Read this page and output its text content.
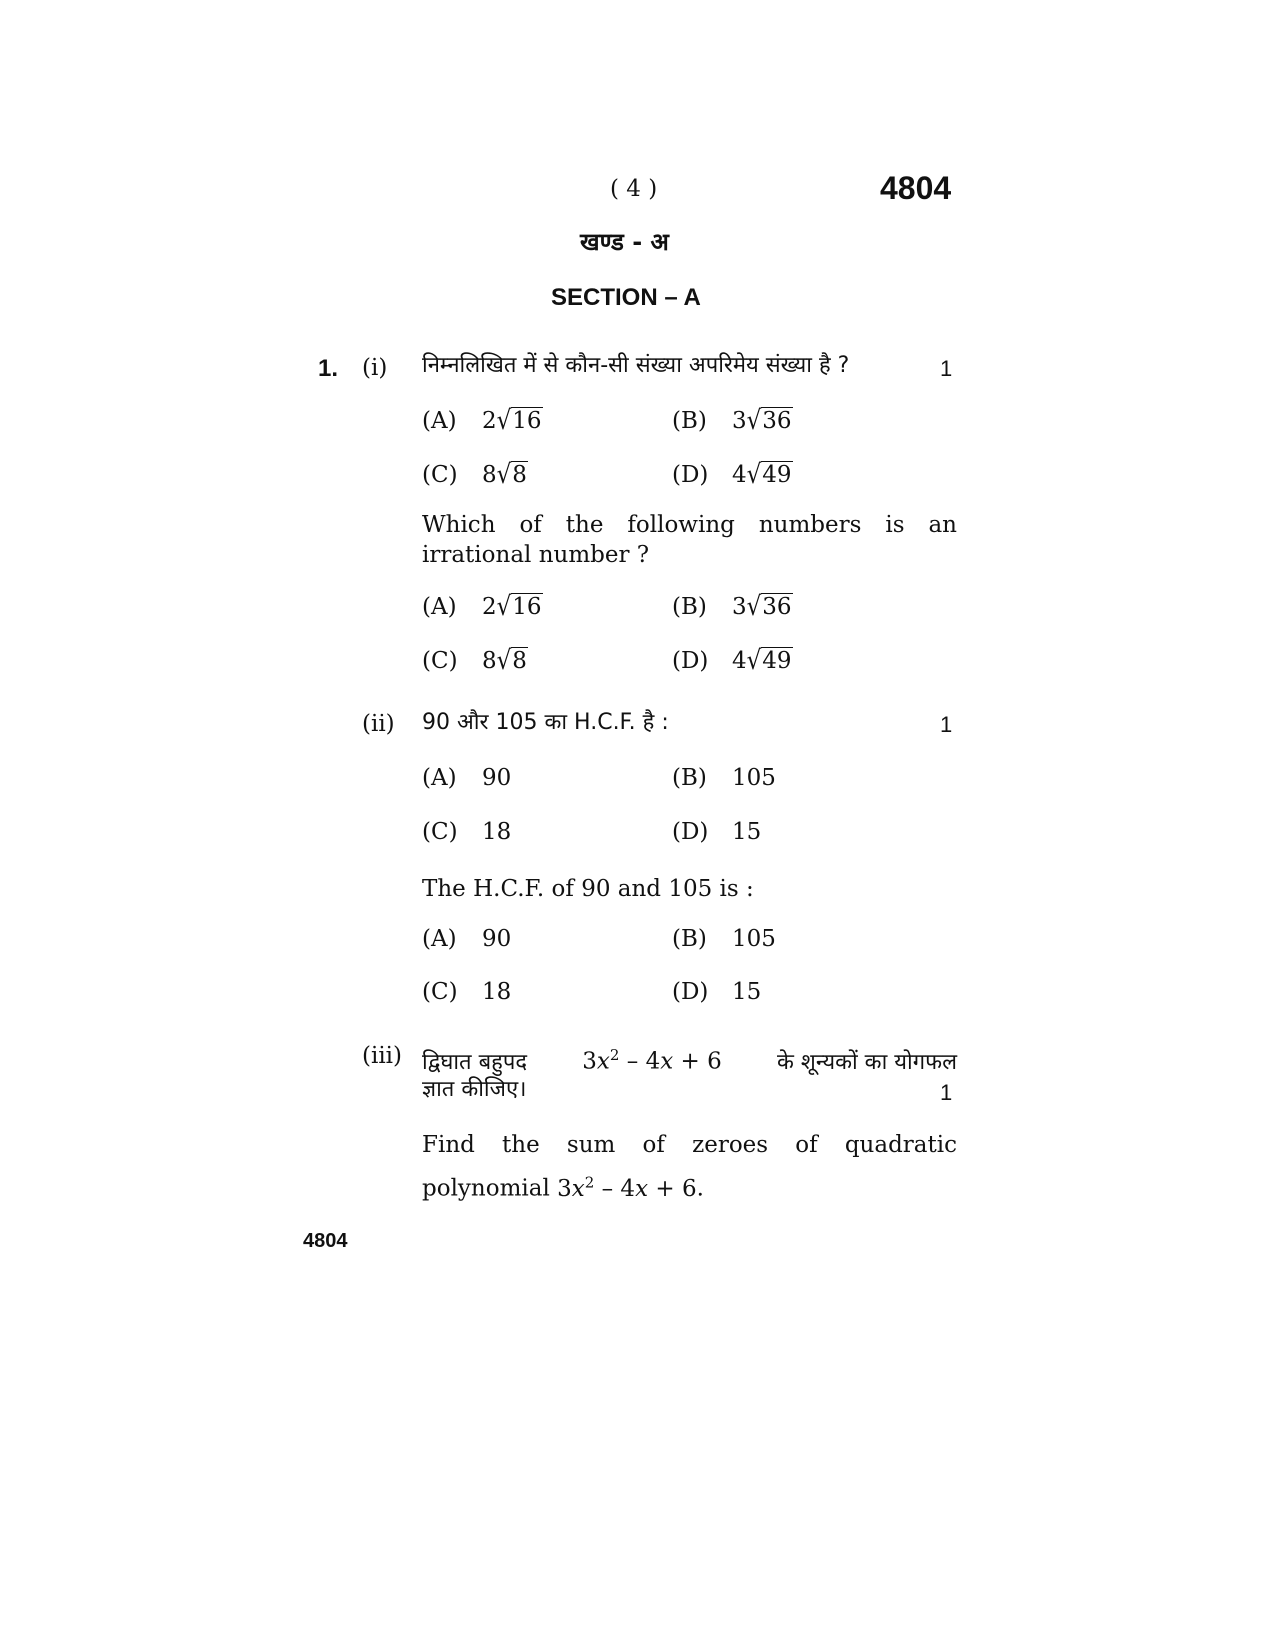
( 4 )	4804
खण्ड - अ
SECTION – A
1. (i) निम्नलिखित में से कौन-सी संख्या अपरिमेय संख्या है ?	1
(A) 2√16	(B) 3√36
(C) 8√8	(D) 4√49
Which of the following numbers is an irrational number ?
(A) 2√16	(B) 3√36
(C) 8√8	(D) 4√49
(ii) 90 और 105 का H.C.F. है :	1
(A) 90	(B) 105
(C) 18	(D) 15
The H.C.F. of 90 and 105 is :
(A) 90	(B) 105
(C) 18	(D) 15
(iii) द्विघात बहुपद $3x^2 - 4x + 6$	के शून्यकों का योगफल
ज्ञात कीजिए।	1
Find the sum of zeroes of quadratic
polynomial $3x^2 - 4x + 6$.
4804
